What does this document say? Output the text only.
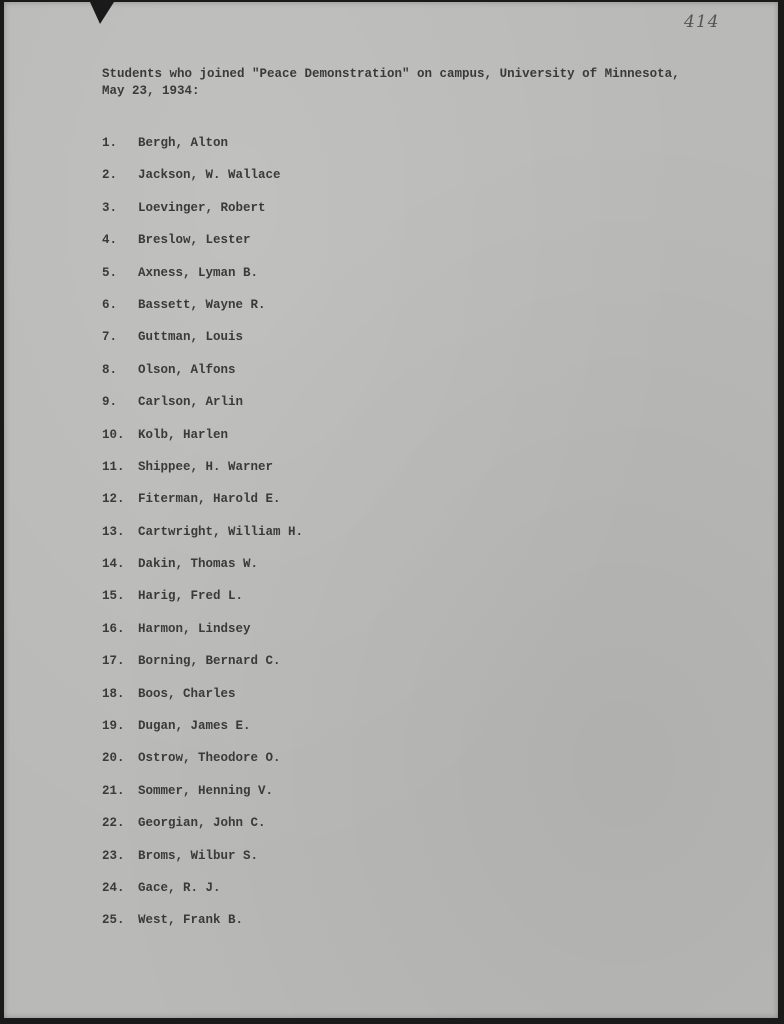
414

Students who joined "Peace Demonstration" on campus, University of Minnesota,
May 23, 1934:

1. Bergh, Alton
2. Jackson, W. Wallace
3. Loevinger, Robert
4. Breslow, Lester
5. Axness, Lyman B.
6. Bassett, Wayne R.
7. Guttman, Louis
8. Olson, Alfons
9. Carlson, Arlin
10. Kolb, Harlen
11. Shippee, H. Warner
12. Fiterman, Harold E.
13. Cartwright, William H.
14. Dakin, Thomas W.
15. Harig, Fred L.
16. Harmon, Lindsey
17. Borning, Bernard C.
18. Boos, Charles
19. Dugan, James E.
20. Ostrow, Theodore O.
21. Sommer, Henning V.
22. Georgian, John C.
23. Broms, Wilbur S.
24. Gace, R. J.
25. West, Frank B.
